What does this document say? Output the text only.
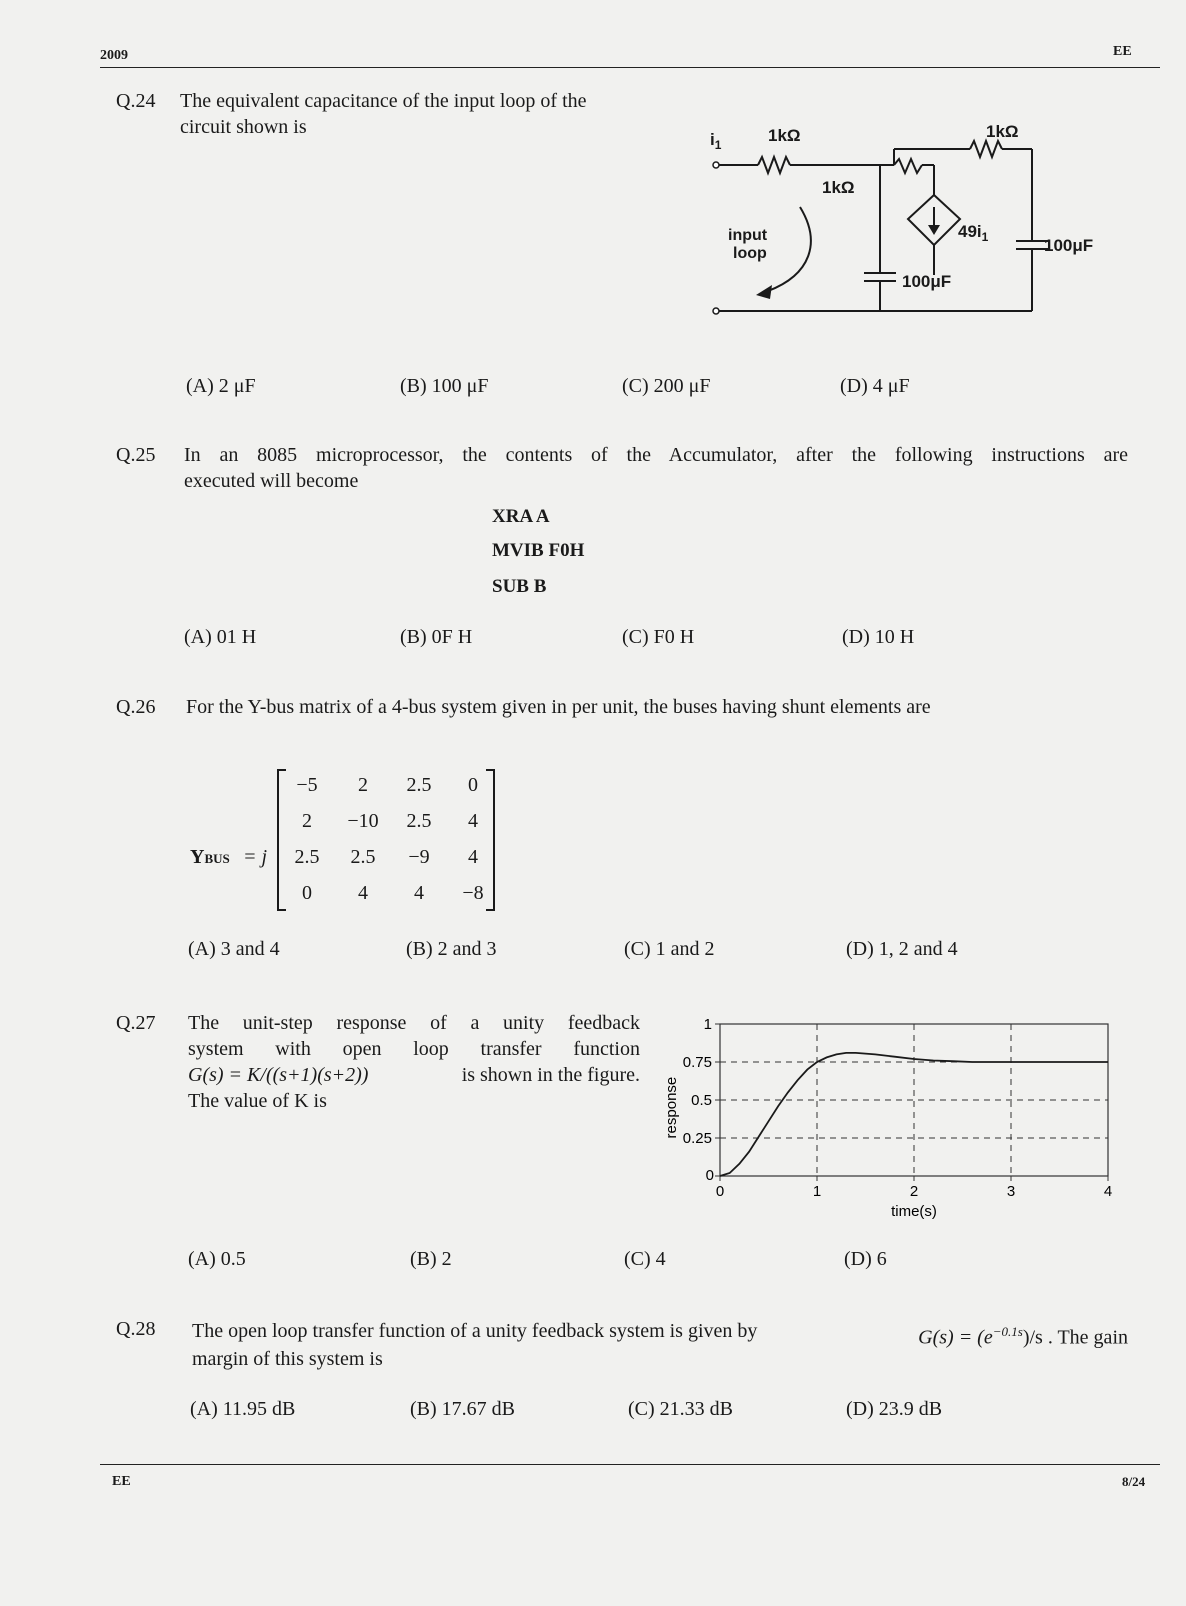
2009	EE
Q.24 The equivalent capacitance of the input loop of the
circuit shown is
$i_1$	1kΩ	1kΩ
1kΩ
$49i_1$	100μF
100μF
input
loop
(A) 2 μF	(B) 100 μF	(C) 200 μF	(D) 4 μF
Q.25 In an 8085 microprocessor, the contents of the Accumulator, after the following instructions are
executed will become
XRA A
MVIB F0H
SUB B
(A) 01 H	(B) 0F H	(C) F0 H	(D) 10 H
Q.26 For the Y-bus matrix of a 4-bus system given in per unit, the buses having shunt elements are
YBUS = j
−5	2	2.5	0
2	−10	2.5	4
2.5	2.5	−9	4
0	4	4	−8
(A) 3 and 4	(B) 2 and 3	(C) 1 and 2	(D) 1, 2 and 4
Q.27 The unit-step response of a unity feedback
system with open loop transfer function
G(s) = K/((s+1)(s+2))	is shown in the figure.
The value of K is
0.25
0.5
0.75
1
0
0	1	2	3	4
time(s)
response
(A) 0.5	(B) 2	(C) 4	(D) 6
Q.28 The open loop transfer function of a unity feedback system is given by	$G(s) = (e^{-0.1s})/s$ . The gain
margin of this system is
(A) 11.95 dB	(B) 17.67 dB	(C) 21.33 dB	(D) 23.9 dB
EE	8/24
